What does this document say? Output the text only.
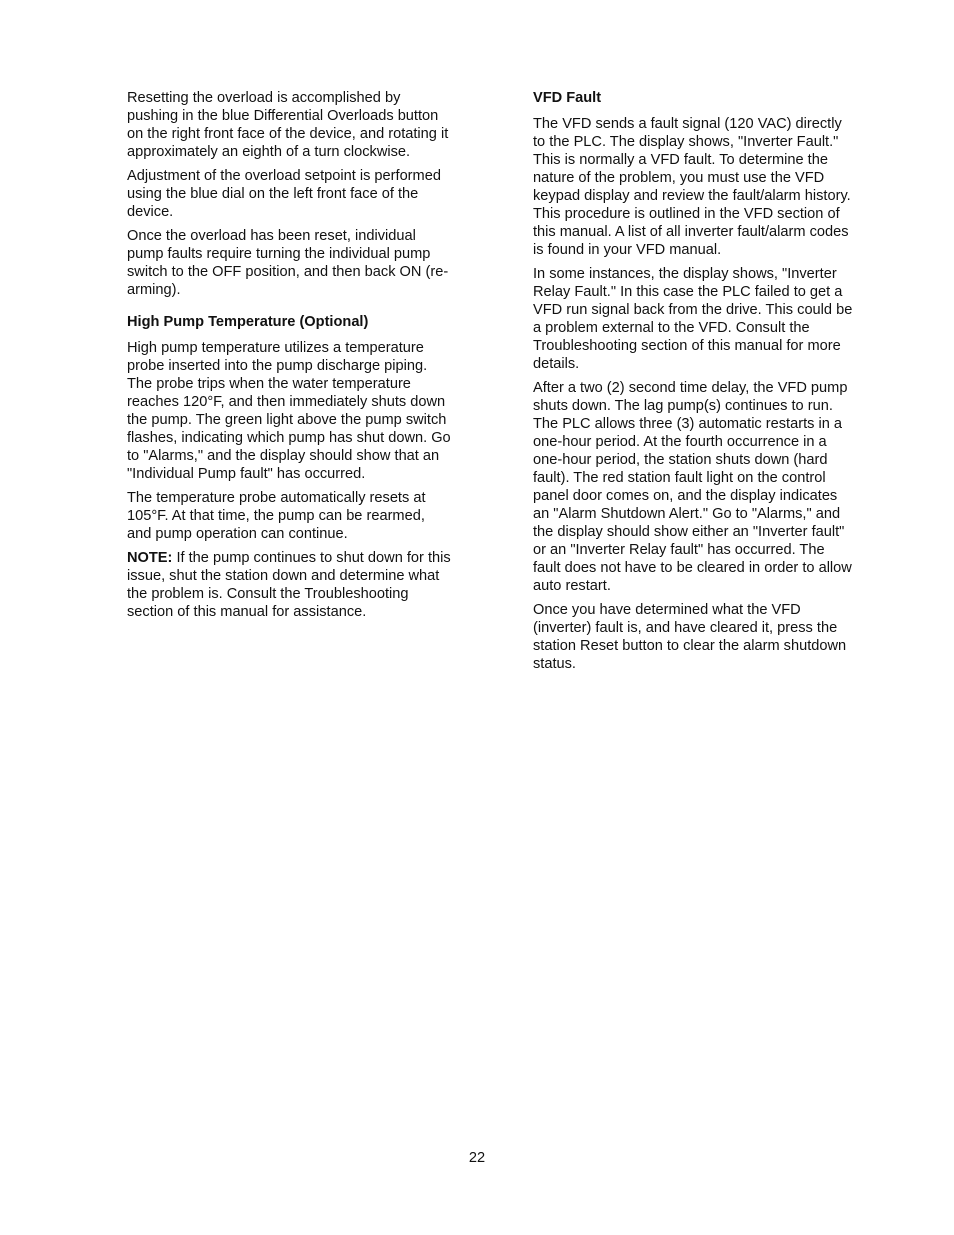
Resetting the overload is accomplished by pushing in the blue Differential Overloads button on the right front face of the device, and rotating it approximately an eighth of a turn clockwise.

Adjustment of the overload setpoint is performed using the blue dial on the left front face of the device.

Once the overload has been reset, individual pump faults require turning the individual pump switch to the OFF position, and then back ON (re-arming).

High Pump Temperature (Optional)

High pump temperature utilizes a temperature probe inserted into the pump discharge piping. The probe trips when the water temperature reaches 120°F, and then immediately shuts down the pump. The green light above the pump switch flashes, indicating which pump has shut down. Go to "Alarms," and the display should show that an "Individual Pump fault" has occurred.

The temperature probe automatically resets at 105°F. At that time, the pump can be rearmed, and pump operation can continue.

NOTE: If the pump continues to shut down for this issue, shut the station down and determine what the problem is. Consult the Troubleshooting section of this manual for assistance.

VFD Fault

The VFD sends a fault signal (120 VAC) directly to the PLC. The display shows, "Inverter Fault." This is normally a VFD fault. To determine the nature of the problem, you must use the VFD keypad display and review the fault/alarm history. This procedure is outlined in the VFD section of this manual. A list of all inverter fault/alarm codes is found in your VFD manual.

In some instances, the display shows, "Inverter Relay Fault." In this case the PLC failed to get a VFD run signal back from the drive. This could be a problem external to the VFD. Consult the Troubleshooting section of this manual for more details.

After a two (2) second time delay, the VFD pump shuts down. The lag pump(s) continues to run. The PLC allows three (3) automatic restarts in a one-hour period. At the fourth occurrence in a one-hour period, the station shuts down (hard fault). The red station fault light on the control panel door comes on, and the display indicates an "Alarm Shutdown Alert." Go to "Alarms," and the display should show either an "Inverter fault" or an "Inverter Relay fault" has occurred. The fault does not have to be cleared in order to allow auto restart.

Once you have determined what the VFD (inverter) fault is, and have cleared it, press the station Reset button to clear the alarm shutdown status.

22
